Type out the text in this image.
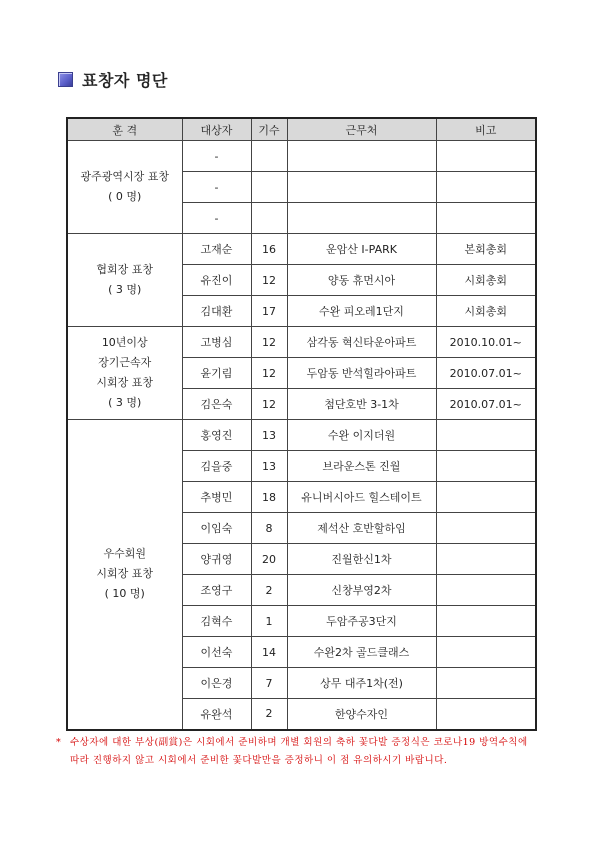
표창자 명단
훈 격	대상자	기수	근무처	비고

광주광역시장 표창
( 0 명)	-			
	-			
	-			

협회장 표창
( 3 명)	고재순	16	운암산 I-PARK	본회총회
	유진이	12	양동 휴먼시아	시회총회
	김대환	17	수완 피오레1단지	시회총회

10년이상
장기근속자
시회장 표창
( 3 명)	고병심	12	삼각동 혁신타운아파트	2010.10.01~
	윤기림	12	두암동 반석힐라아파트	2010.07.01~
	김은숙	12	첨단호반 3-1차	2010.07.01~

우수회원
시회장 표창
( 10 명)	홍영진	13	수완 이지더원	
	김을중	13	브라운스톤 진월	
	추병민	18	유니버시아드 힐스테이트	
	이임숙	8	제석산 호반할하임	
	양귀영	20	진월한신1차	
	조영구	2	신창부영2차	
	김혁수	1	두암주공3단지	
	이선숙	14	수완2차 골드클래스	
	이은경	7	상무 대주1차(전)	
	유완석	2	한양수자인	
* 수상자에 대한 부상(副賞)은 시회에서 준비하며 개별 회원의 축하 꽃다발 증정식은 코로나19 방역수칙에 따라 진행하지 않고 시회에서 준비한 꽃다발만을 증정하니 이 점 유의하시기 바랍니다.
